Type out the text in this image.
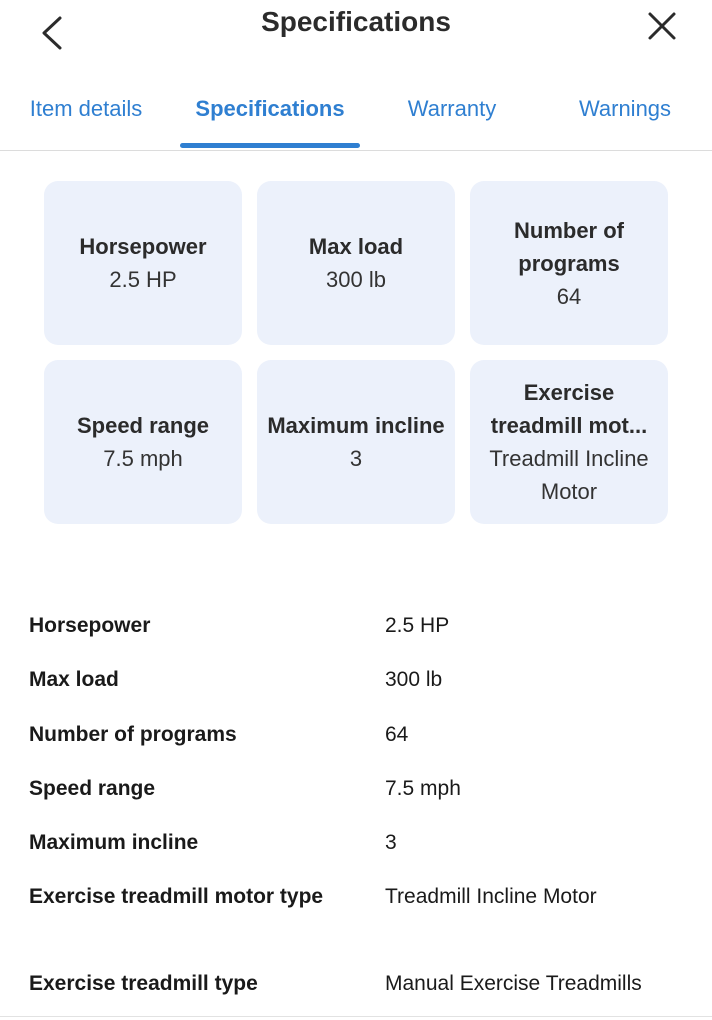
Specifications
Item details	Specifications	Warranty	Warnings
Horsepower
2.5 HP
Max load
300 lb
Number of programs
64
Speed range
7.5 mph
Maximum incline
3
Exercise treadmill mot...
Treadmill Incline Motor
Horsepower	2.5 HP
Max load	300 lb
Number of programs	64
Speed range	7.5 mph
Maximum incline	3
Exercise treadmill motor type	Treadmill Incline Motor
Exercise treadmill type	Manual Exercise Treadmills
